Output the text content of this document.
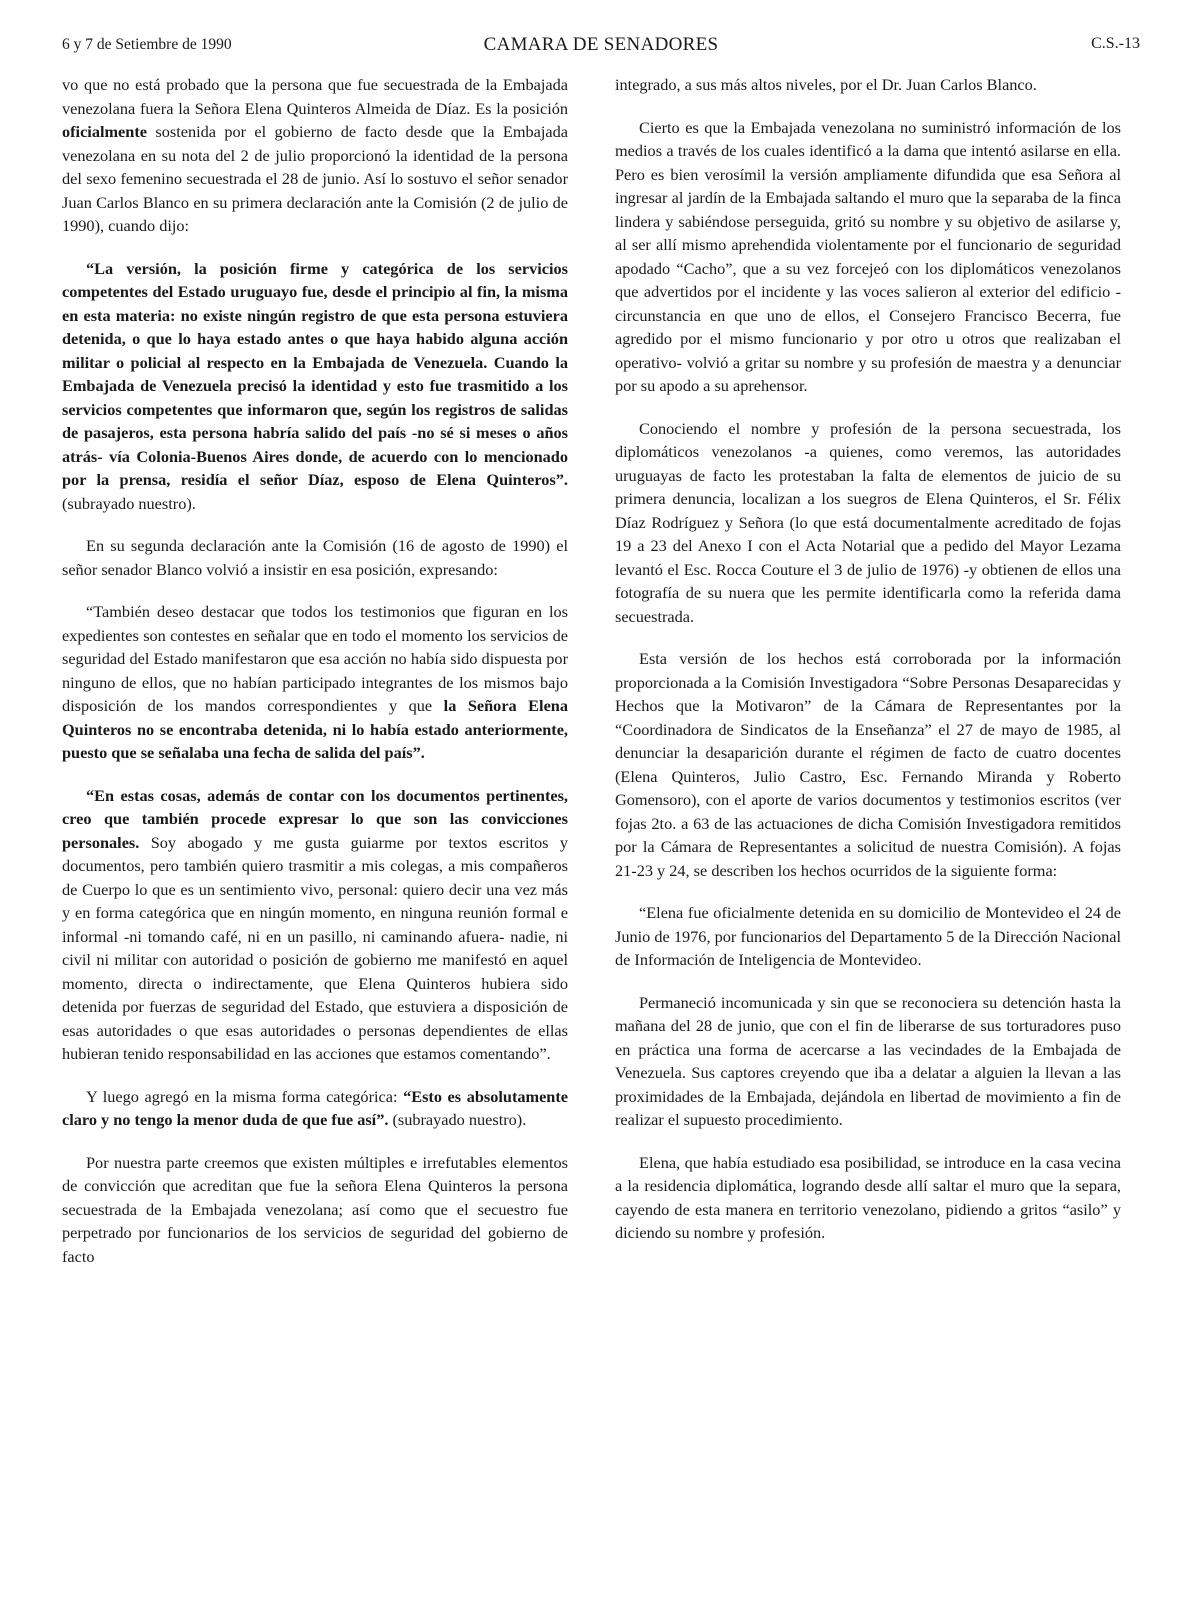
6 y 7 de Setiembre de 1990	CAMARA DE SENADORES	C.S.-13

vo que no está probado que la persona que fue secuestrada de la Embajada venezolana fuera la Señora Elena Quinteros Almeida de Díaz. Es la posición oficialmente sostenida por el gobierno de facto desde que la Embajada venezolana en su nota del 2 de julio proporcionó la identidad de la persona del sexo femenino secuestrada el 28 de junio. Así lo sostuvo el señor senador Juan Carlos Blanco en su primera declaración ante la Comisión (2 de julio de 1990), cuando dijo:

“La versión, la posición firme y categórica de los servicios competentes del Estado uruguayo fue, desde el principio al fin, la misma en esta materia: no existe ningún registro de que esta persona estuviera detenida, o que lo haya estado antes o que haya habido alguna acción militar o policial al respecto en la Embajada de Venezuela. Cuando la Embajada de Venezuela precisó la identidad y esto fue trasmitido a los servicios competentes que informaron que, según los registros de salidas de pasajeros, esta persona habría salido del país -no sé si meses o años atrás- vía Colonia-Buenos Aires donde, de acuerdo con lo mencionado por la prensa, residía el señor Díaz, esposo de Elena Quinteros”. (subrayado nuestro).

En su segunda declaración ante la Comisión (16 de agosto de 1990) el señor senador Blanco volvió a insistir en esa posición, expresando:

“También deseo destacar que todos los testimonios que figuran en los expedientes son contestes en señalar que en todo el momento los servicios de seguridad del Estado manifestaron que esa acción no había sido dispuesta por ninguno de ellos, que no habían participado integrantes de los mismos bajo disposición de los mandos correspondientes y que la Señora Elena Quinteros no se encontraba detenida, ni lo había estado anteriormente, puesto que se señalaba una fecha de salida del país”.

“En estas cosas, además de contar con los documentos pertinentes, creo que también procede expresar lo que son las convicciones personales. Soy abogado y me gusta guiarme por textos escritos y documentos, pero también quiero trasmitir a mis colegas, a mis compañeros de Cuerpo lo que es un sentimiento vivo, personal: quiero decir una vez más y en forma categórica que en ningún momento, en ninguna reunión formal e informal -ni tomando café, ni en un pasillo, ni caminando afuera- nadie, ni civil ni militar con autoridad o posición de gobierno me manifestó en aquel momento, directa o indirectamente, que Elena Quinteros hubiera sido detenida por fuerzas de seguridad del Estado, que estuviera a disposición de esas autoridades o que esas autoridades o personas dependientes de ellas hubieran tenido responsabilidad en las acciones que estamos comentando”.

Y luego agregó en la misma forma categórica: “Esto es absolutamente claro y no tengo la menor duda de que fue así”. (subrayado nuestro).

Por nuestra parte creemos que existen múltiples e irrefutables elementos de convicción que acreditan que fue la señora Elena Quinteros la persona secuestrada de la Embajada venezolana; así como que el secuestro fue perpetrado por funcionarios de los servicios de seguridad del gobierno de facto

integrado, a sus más altos niveles, por el Dr. Juan Carlos Blanco.

Cierto es que la Embajada venezolana no suministró información de los medios a través de los cuales identificó a la dama que intentó asilarse en ella. Pero es bien verosímil la versión ampliamente difundida que esa Señora al ingresar al jardín de la Embajada saltando el muro que la separaba de la finca lindera y sabiéndose perseguida, gritó su nombre y su objetivo de asilarse y, al ser allí mismo aprehendida violentamente por el funcionario de seguridad apodado “Cacho”, que a su vez forcejeó con los diplomáticos venezolanos que advertidos por el incidente y las voces salieron al exterior del edificio -circunstancia en que uno de ellos, el Consejero Francisco Becerra, fue agredido por el mismo funcionario y por otro u otros que realizaban el operativo- volvió a gritar su nombre y su profesión de maestra y a denunciar por su apodo a su aprehensor.

Conociendo el nombre y profesión de la persona secuestrada, los diplomáticos venezolanos -a quienes, como veremos, las autoridades uruguayas de facto les protestaban la falta de elementos de juicio de su primera denuncia, localizan a los suegros de Elena Quinteros, el Sr. Félix Díaz Rodríguez y Señora (lo que está documentalmente acreditado de fojas 19 a 23 del Anexo I con el Acta Notarial que a pedido del Mayor Lezama levantó el Esc. Rocca Couture el 3 de julio de 1976) -y obtienen de ellos una fotografía de su nuera que les permite identificarla como la referida dama secuestrada.

Esta versión de los hechos está corroborada por la información proporcionada a la Comisión Investigadora “Sobre Personas Desaparecidas y Hechos que la Motivaron” de la Cámara de Representantes por la “Coordinadora de Sindicatos de la Enseñanza” el 27 de mayo de 1985, al denunciar la desaparición durante el régimen de facto de cuatro docentes (Elena Quinteros, Julio Castro, Esc. Fernando Miranda y Roberto Gomensoro), con el aporte de varios documentos y testimonios escritos (ver fojas 2to. a 63 de las actuaciones de dicha Comisión Investigadora remitidos por la Cámara de Representantes a solicitud de nuestra Comisión). A fojas 21-23 y 24, se describen los hechos ocurridos de la siguiente forma:

“Elena fue oficialmente detenida en su domicilio de Montevideo el 24 de Junio de 1976, por funcionarios del Departamento 5 de la Dirección Nacional de Información de Inteligencia de Montevideo.

Permaneció incomunicada y sin que se reconociera su detención hasta la mañana del 28 de junio, que con el fin de liberarse de sus torturadores puso en práctica una forma de acercarse a las vecindades de la Embajada de Venezuela. Sus captores creyendo que iba a delatar a alguien la llevan a las proximidades de la Embajada, dejándola en libertad de movimiento a fin de realizar el supuesto procedimiento.

Elena, que había estudiado esa posibilidad, se introduce en la casa vecina a la residencia diplomática, logrando desde allí saltar el muro que la separa, cayendo de esta manera en territorio venezolano, pidiendo a gritos “asilo” y diciendo su nombre y profesión.
